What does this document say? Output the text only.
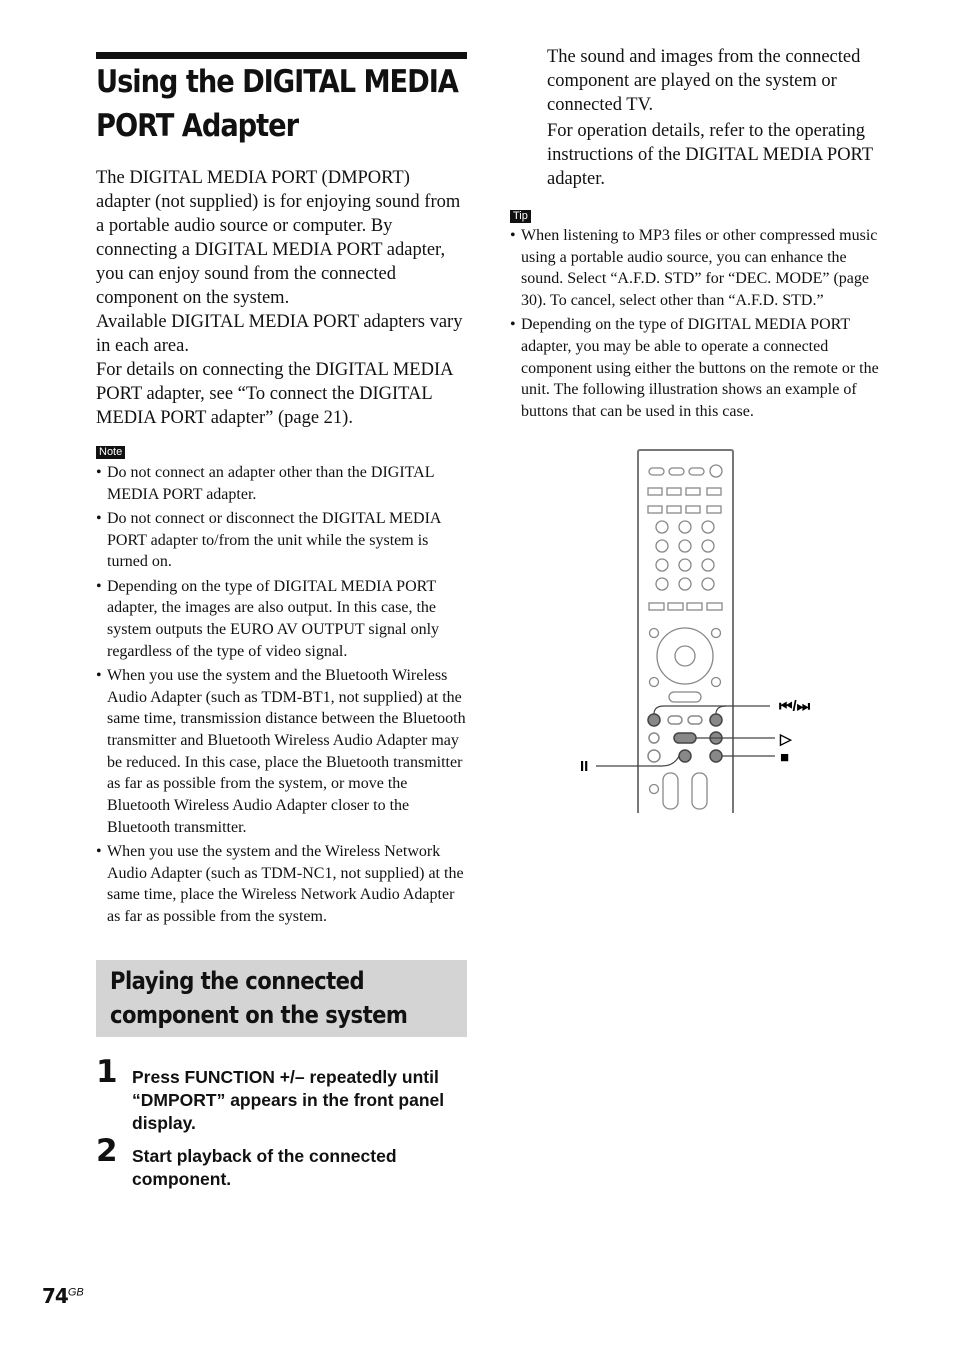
Using the DIGITAL MEDIA PORT Adapter

The DIGITAL MEDIA PORT (DMPORT) adapter (not supplied) is for enjoying sound from a portable audio source or computer. By connecting a DIGITAL MEDIA PORT adapter, you can enjoy sound from the connected component on the system.

Available DIGITAL MEDIA PORT adapters vary in each area.

For details on connecting the DIGITAL MEDIA PORT adapter, see “To connect the DIGITAL MEDIA PORT adapter” (page 21).

Note
• Do not connect an adapter other than the DIGITAL MEDIA PORT adapter.
• Do not connect or disconnect the DIGITAL MEDIA PORT adapter to/from the unit while the system is turned on.
• Depending on the type of DIGITAL MEDIA PORT adapter, the images are also output. In this case, the system outputs the EURO AV OUTPUT signal only regardless of the type of video signal.
• When you use the system and the Bluetooth Wireless Audio Adapter (such as TDM-BT1, not supplied) at the same time, transmission distance between the Bluetooth transmitter and Bluetooth Wireless Audio Adapter may be reduced. In this case, place the Bluetooth transmitter as far as possible from the system, or move the Bluetooth Wireless Audio Adapter closer to the Bluetooth transmitter.
• When you use the system and the Wireless Network Audio Adapter (such as TDM-NC1, not supplied) at the same time, place the Wireless Network Audio Adapter as far as possible from the system.
Playing the connected
component on the system
1 Press FUNCTION +/– repeatedly until “DMPORT” appears in the front panel display.

2 Start playback of the connected component.

The sound and images from the connected component are played on the system or connected TV.

For operation details, refer to the operating instructions of the DIGITAL MEDIA PORT adapter.

Tip
• When listening to MP3 files or other compressed music using a portable audio source, you can enhance the sound. Select “A.F.D. STD” for “DEC. MODE” (page 30). To cancel, select other than “A.F.D. STD.”
• Depending on the type of DIGITAL MEDIA PORT adapter, you may be able to operate a connected component using either the buttons on the remote or the unit. The following illustration shows an example of buttons that can be used in this case.
⏮/⏭
▷
■
II
$74^{GB}$
